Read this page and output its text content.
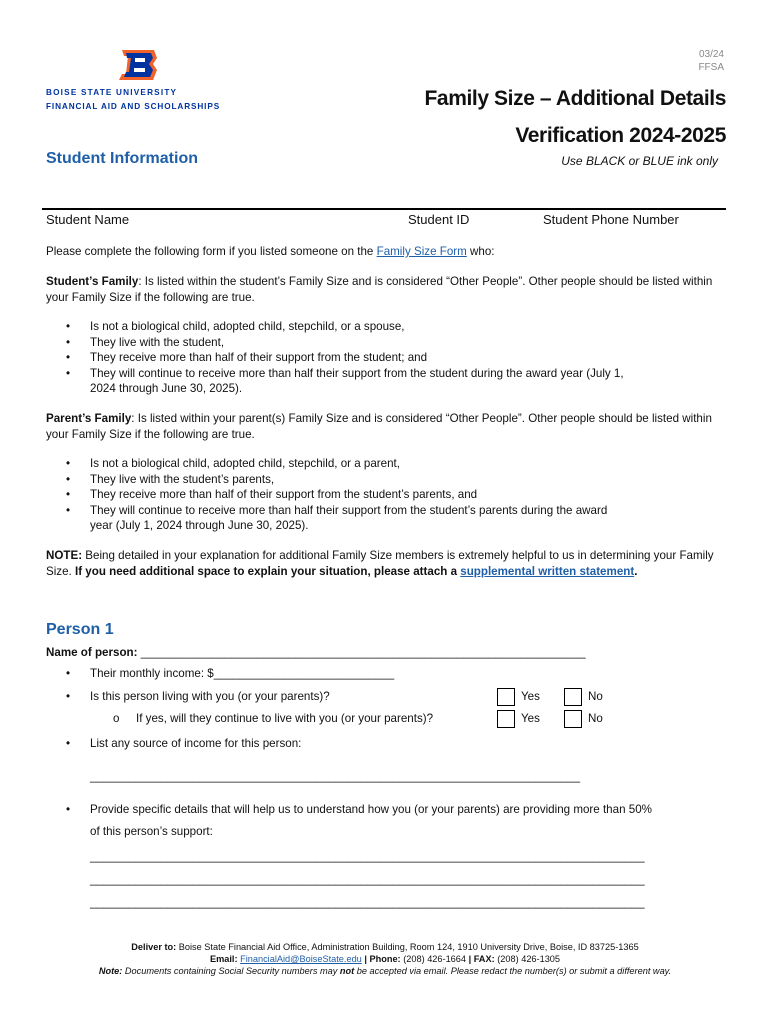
BOISE STATE UNIVERSITY
FINANCIAL AID AND SCHOLARSHIPS
03/24
FFSA
Family Size – Additional Details
Verification 2024-2025
Student Information	Use BLACK or BLUE ink only
Student Name	Student ID	Student Phone Number
Please complete the following form if you listed someone on the Family Size Form who:
Student’s Family: Is listed within the student’s Family Size and is considered “Other People”. Other people should be listed within your Family Size if the following are true.
• Is not a biological child, adopted child, stepchild, or a spouse,
• They live with the student,
• They receive more than half of their support from the student; and
• They will continue to receive more than half their support from the student during the award year (July 1, 2024 through June 30, 2025).
Parent’s Family: Is listed within your parent(s) Family Size and is considered “Other People”. Other people should be listed within your Family Size if the following are true.
• Is not a biological child, adopted child, stepchild, or a parent,
• They live with the student’s parents,
• They receive more than half of their support from the student’s parents, and
• They will continue to receive more than half their support from the student’s parents during the award year (July 1, 2024 through June 30, 2025).
NOTE: Being detailed in your explanation for additional Family Size members is extremely helpful to us in determining your Family Size. If you need additional space to explain your situation, please attach a supplemental written statement.
Person 1
Name of person: _____________________________________________________________________
• Their monthly income: $____________________________
• Is this person living with you (or your parents)?	Yes	No
o If yes, will they continue to live with you (or your parents)?	Yes	No
• List any source of income for this person:
____________________________________________________________________________
• Provide specific details that will help us to understand how you (or your parents) are providing more than 50%
of this person’s support:
______________________________________________________________________________________
______________________________________________________________________________________
______________________________________________________________________________________
Deliver to: Boise State Financial Aid Office, Administration Building, Room 124, 1910 University Drive, Boise, ID 83725-1365
Email: FinancialAid@BoiseState.edu | Phone: (208) 426-1664 | FAX: (208) 426-1305
Note: Documents containing Social Security numbers may not be accepted via email. Please redact the number(s) or submit a different way.
